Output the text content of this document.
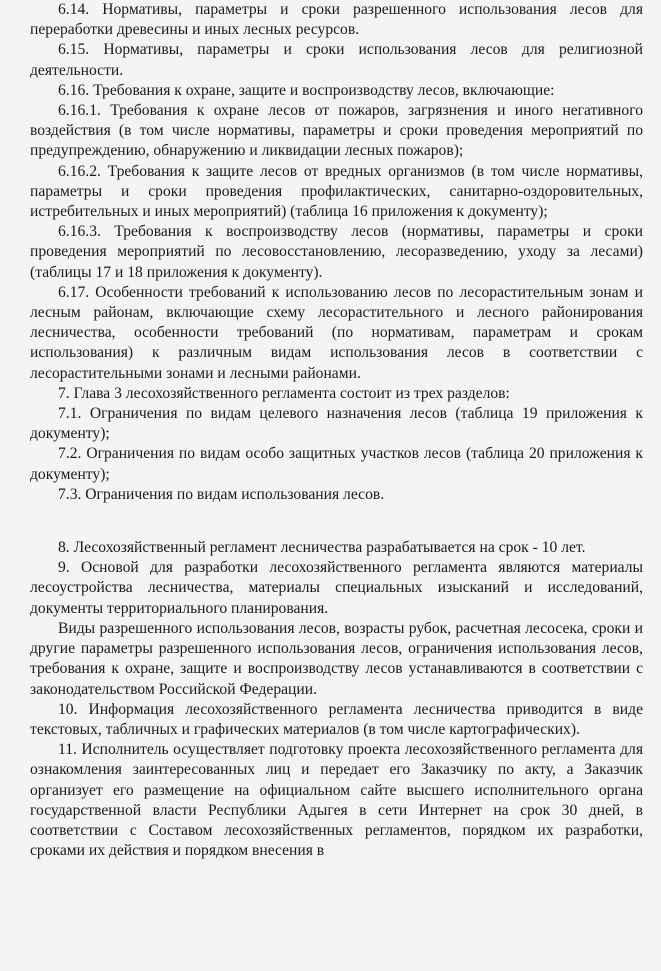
6.14. Нормативы, параметры и сроки разрешенного использования лесов для переработки древесины и иных лесных ресурсов.

6.15. Нормативы, параметры и сроки использования лесов для религиозной деятельности.

6.16. Требования к охране, защите и воспроизводству лесов, включающие:

6.16.1. Требования к охране лесов от пожаров, загрязнения и иного негативного воздействия (в том числе нормативы, параметры и сроки проведения мероприятий по предупреждению, обнаружению и ликвидации лесных пожаров);

6.16.2. Требования к защите лесов от вредных организмов (в том числе нормативы, параметры и сроки проведения профилактических, санитарно-оздоровительных, истребительных и иных мероприятий) (таблица 16 приложения к документу);

6.16.3. Требования к воспроизводству лесов (нормативы, параметры и сроки проведения мероприятий по лесовосстановлению, лесоразведению, уходу за лесами) (таблицы 17 и 18 приложения к документу).

6.17. Особенности требований к использованию лесов по лесорастительным зонам и лесным районам, включающие схему лесорастительного и лесного районирования лесничества, особенности требований (по нормативам, параметрам и срокам использования) к различным видам использования лесов в соответствии с лесорастительными зонами и лесными районами.

7. Глава 3 лесохозяйственного регламента состоит из трех разделов:

7.1. Ограничения по видам целевого назначения лесов (таблица 19 приложения к документу);

7.2. Ограничения по видам особо защитных участков лесов (таблица 20 приложения к документу);

7.3. Ограничения по видам использования лесов.

8. Лесохозяйственный регламент лесничества разрабатывается на срок - 10 лет.

9. Основой для разработки лесохозяйственного регламента являются материалы лесоустройства лесничества, материалы специальных изысканий и исследований, документы территориального планирования.

Виды разрешенного использования лесов, возрасты рубок, расчетная лесосека, сроки и другие параметры разрешенного использования лесов, ограничения использования лесов, требования к охране, защите и воспроизводству лесов устанавливаются в соответствии с законодательством Российской Федерации.

10. Информация лесохозяйственного регламента лесничества приводится в виде текстовых, табличных и графических материалов (в том числе картографических).

11. Исполнитель осуществляет подготовку проекта лесохозяйственного регламента для ознакомления заинтересованных лиц и передает его Заказчику по акту, а Заказчик организует его размещение на официальном сайте высшего исполнительного органа государственной власти Республики Адыгея в сети Интернет на срок 30 дней, в соответствии с Составом лесохозяйственных регламентов, порядком их разработки, сроками их действия и порядком внесения в
